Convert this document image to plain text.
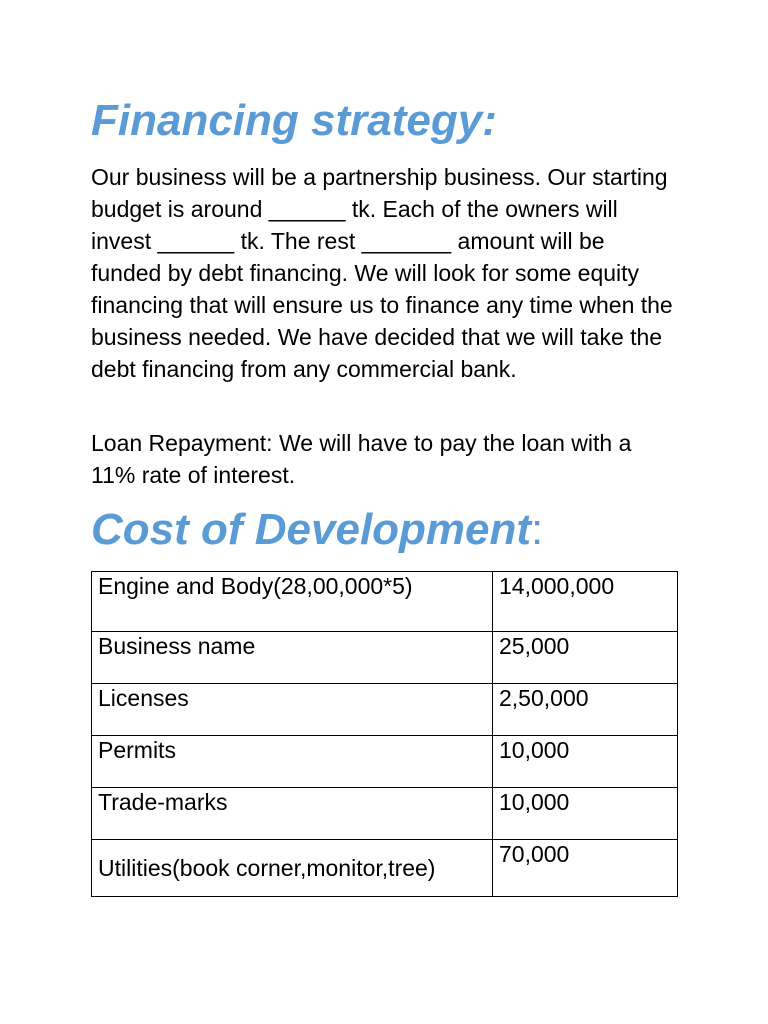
Financing strategy:

Our business will be a partnership business. Our starting budget is around ______ tk. Each of the owners will invest ______ tk. The rest _______ amount will be funded by debt financing. We will look for some equity financing that will ensure us to finance any time when the business needed. We have decided that we will take the debt financing from any commercial bank.

Loan Repayment: We will have to pay the loan with a 11% rate of interest.

Cost of Development:
Engine and Body(28,00,000*5)	14,000,000
Business name	25,000
Licenses	2,50,000
Permits	10,000
Trade-marks	10,000
Utilities(book corner,monitor,tree)	70,000
